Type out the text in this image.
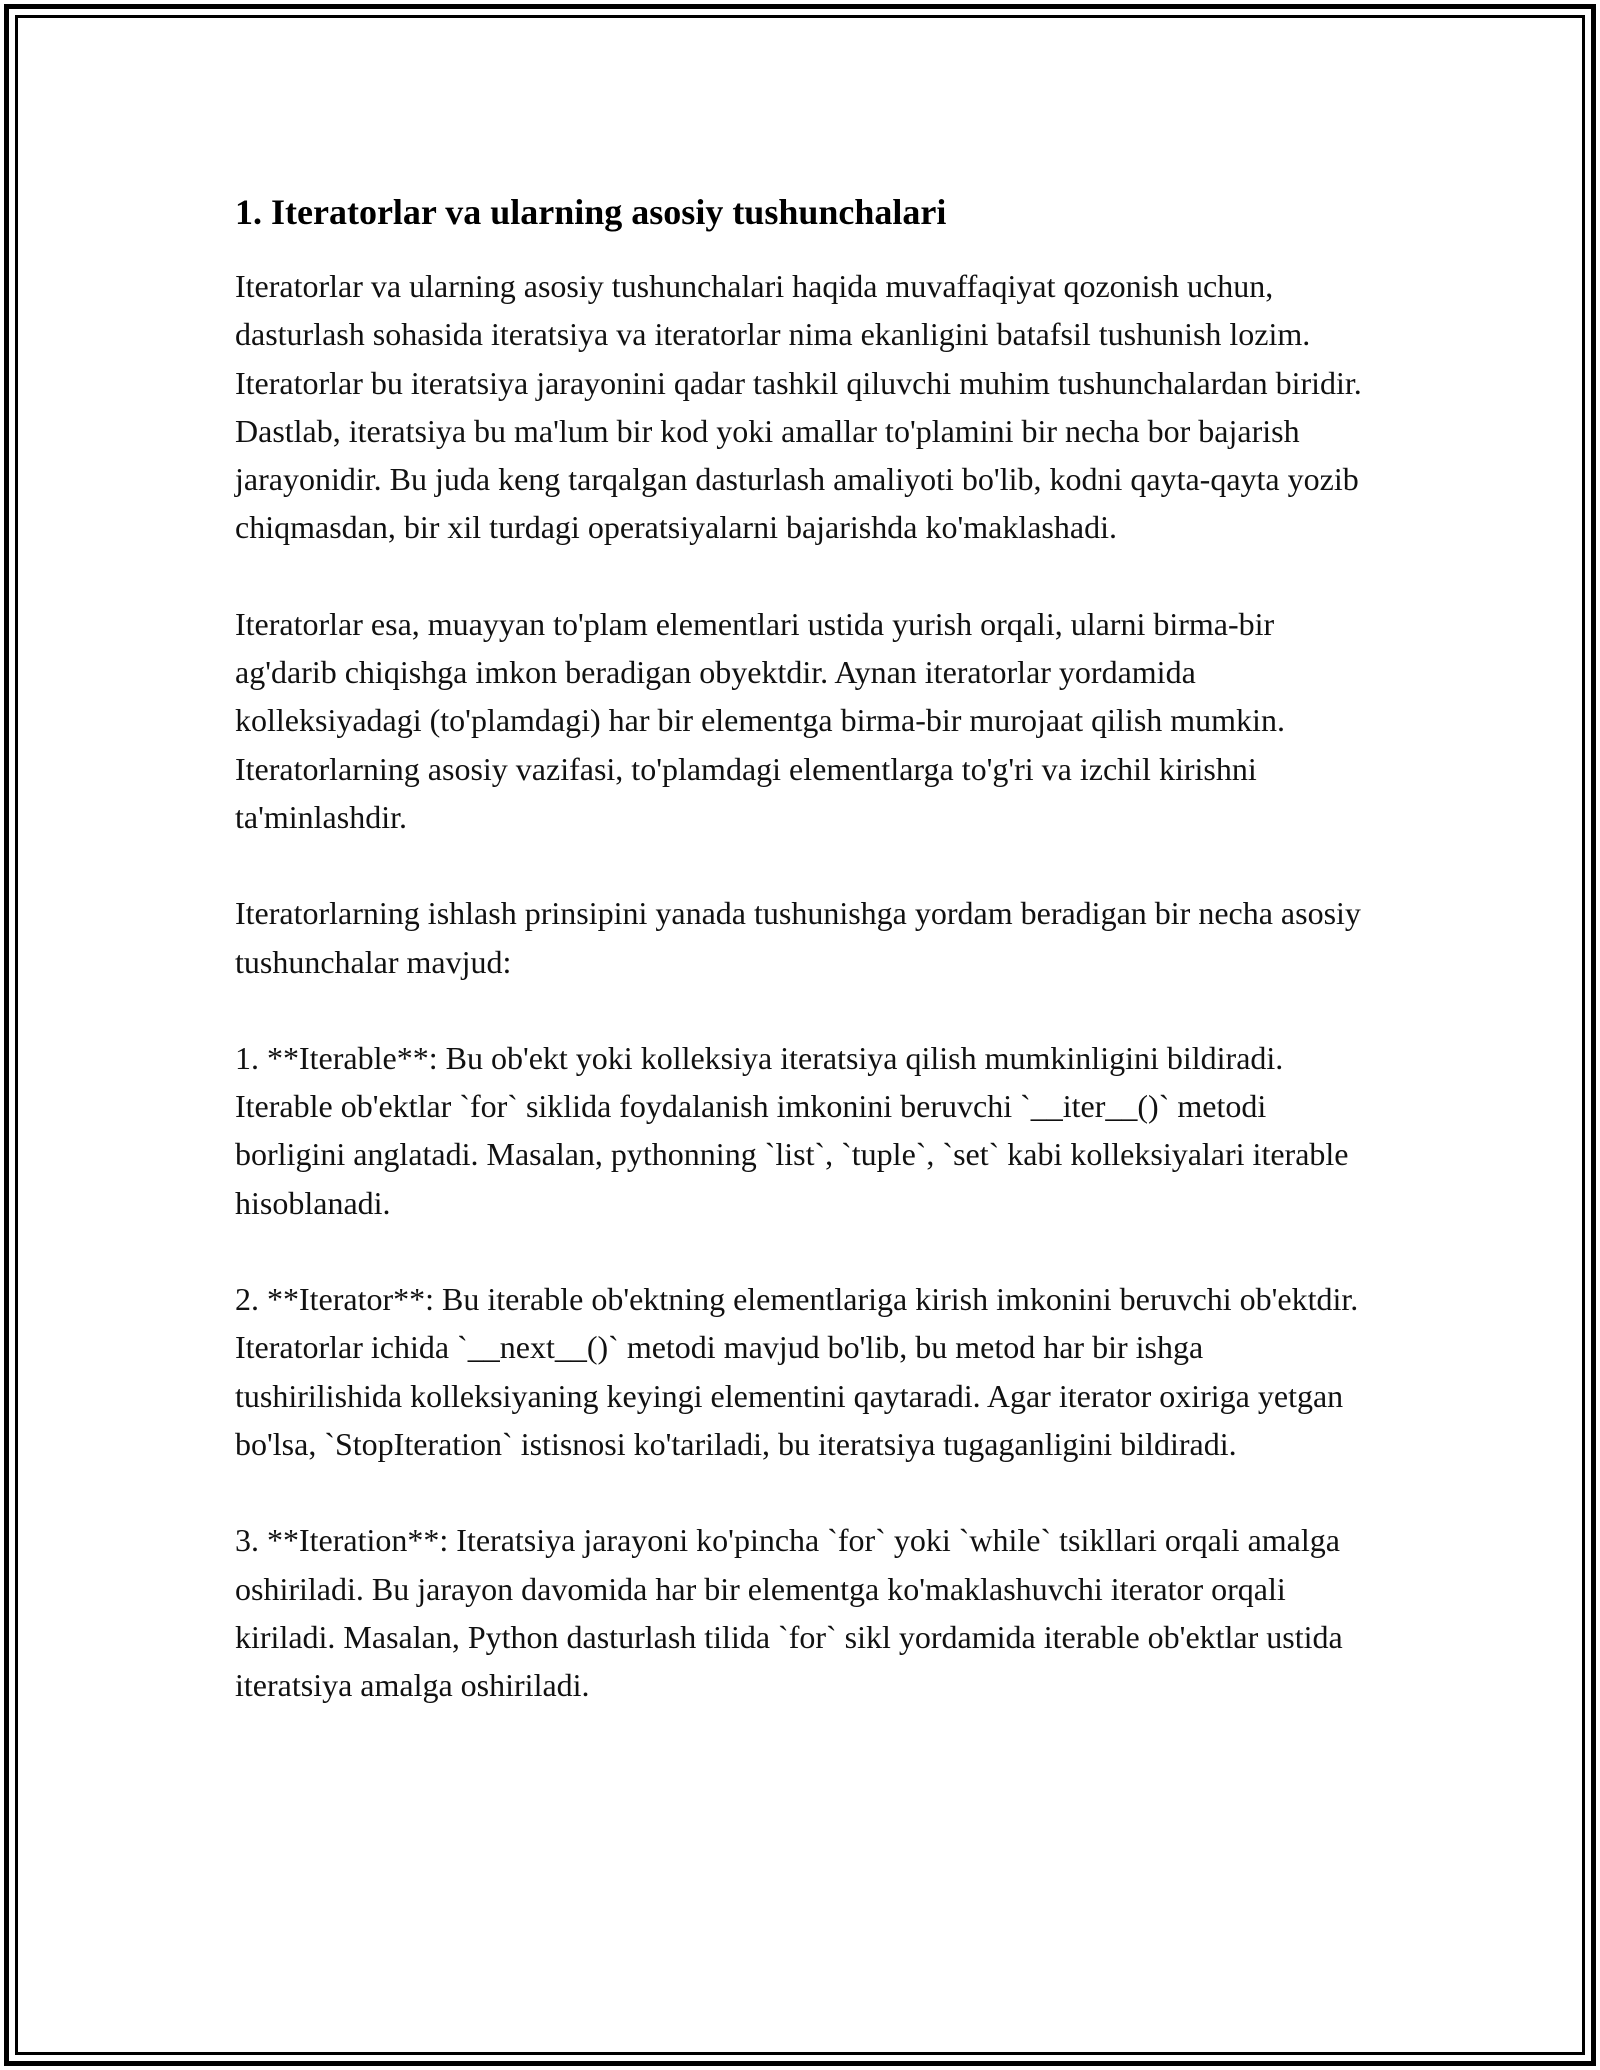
1. Iteratorlar va ularning asosiy tushunchalari

Iteratorlar va ularning asosiy tushunchalari haqida muvaffaqiyat qozonish uchun, dasturlash sohasida iteratsiya va iteratorlar nima ekanligini batafsil tushunish lozim. Iteratorlar bu iteratsiya jarayonini qadar tashkil qiluvchi muhim tushunchalardan biridir. Dastlab, iteratsiya bu ma'lum bir kod yoki amallar to'plamini bir necha bor bajarish jarayonidir. Bu juda keng tarqalgan dasturlash amaliyoti bo'lib, kodni qayta-qayta yozib chiqmasdan, bir xil turdagi operatsiyalarni bajarishda ko'maklashadi.

Iteratorlar esa, muayyan to'plam elementlari ustida yurish orqali, ularni birma-bir ag'darib chiqishga imkon beradigan obyektdir. Aynan iteratorlar yordamida kolleksiyadagi (to'plamdagi) har bir elementga birma-bir murojaat qilish mumkin. Iteratorlarning asosiy vazifasi, to'plamdagi elementlarga to'g'ri va izchil kirishni ta'minlashdir.

Iteratorlarning ishlash prinsipini yanada tushunishga yordam beradigan bir necha asosiy tushunchalar mavjud:

1. **Iterable**: Bu ob'ekt yoki kolleksiya iteratsiya qilish mumkinligini bildiradi. Iterable ob'ektlar `for` siklida foydalanish imkonini beruvchi `__iter__()` metodi borligini anglatadi. Masalan, pythonning `list`, `tuple`, `set` kabi kolleksiyalari iterable hisoblanadi.

2. **Iterator**: Bu iterable ob'ektning elementlariga kirish imkonini beruvchi ob'ektdir. Iteratorlar ichida `__next__()` metodi mavjud bo'lib, bu metod har bir ishga tushirilishida kolleksiyaning keyingi elementini qaytaradi. Agar iterator oxiriga yetgan bo'lsa, `StopIteration` istisnosi ko'tariladi, bu iteratsiya tugaganligini bildiradi.

3. **Iteration**: Iteratsiya jarayoni ko'pincha `for` yoki `while` tsikllari orqali amalga oshiriladi. Bu jarayon davomida har bir elementga ko'maklashuvchi iterator orqali kiriladi. Masalan, Python dasturlash tilida `for` sikl yordamida iterable ob'ektlar ustida iteratsiya amalga oshiriladi.
